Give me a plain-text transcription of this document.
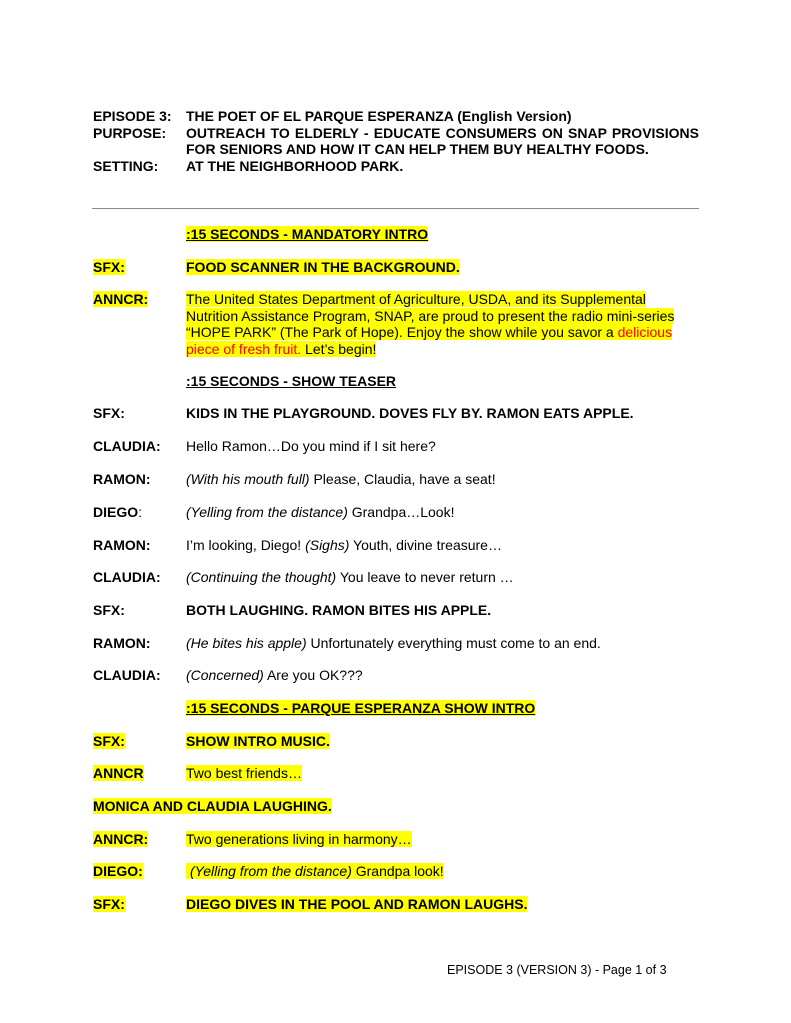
EPISODE 3:	THE POET OF EL PARQUE ESPERANZA (English Version)
PURPOSE:	OUTREACH TO ELDERLY - EDUCATE CONSUMERS ON SNAP PROVISIONS FOR SENIORS AND HOW IT CAN HELP THEM BUY HEALTHY FOODS.
SETTING:	AT THE NEIGHBORHOOD PARK.
:15 SECONDS - MANDATORY INTRO
SFX:	FOOD SCANNER IN THE BACKGROUND.
ANNCR:	The United States Department of Agriculture, USDA, and its Supplemental Nutrition Assistance Program, SNAP, are proud to present the radio mini-series “HOPE PARK” (The Park of Hope). Enjoy the show while you savor a delicious piece of fresh fruit. Let’s begin!
:15 SECONDS - SHOW TEASER
SFX:	KIDS IN THE PLAYGROUND. DOVES FLY BY. RAMON EATS APPLE.
CLAUDIA:	Hello Ramon…Do you mind if I sit here?
RAMON:	(With his mouth full) Please, Claudia, have a seat!
DIEGO:	(Yelling from the distance) Grandpa…Look!
RAMON:	I’m looking, Diego! (Sighs) Youth, divine treasure…
CLAUDIA:	(Continuing the thought) You leave to never return …
SFX:	BOTH LAUGHING. RAMON BITES HIS APPLE.
RAMON:	(He bites his apple) Unfortunately everything must come to an end.
CLAUDIA:	(Concerned) Are you OK???
:15 SECONDS - PARQUE ESPERANZA SHOW INTRO
SFX:	SHOW INTRO MUSIC.
ANNCR	Two best friends…
MONICA AND CLAUDIA LAUGHING.
ANNCR:	Two generations living in harmony…
DIEGO:	(Yelling from the distance) Grandpa look!
SFX:	DIEGO DIVES IN THE POOL AND RAMON LAUGHS.
EPISODE 3 (VERSION 3) - Page 1 of 3
